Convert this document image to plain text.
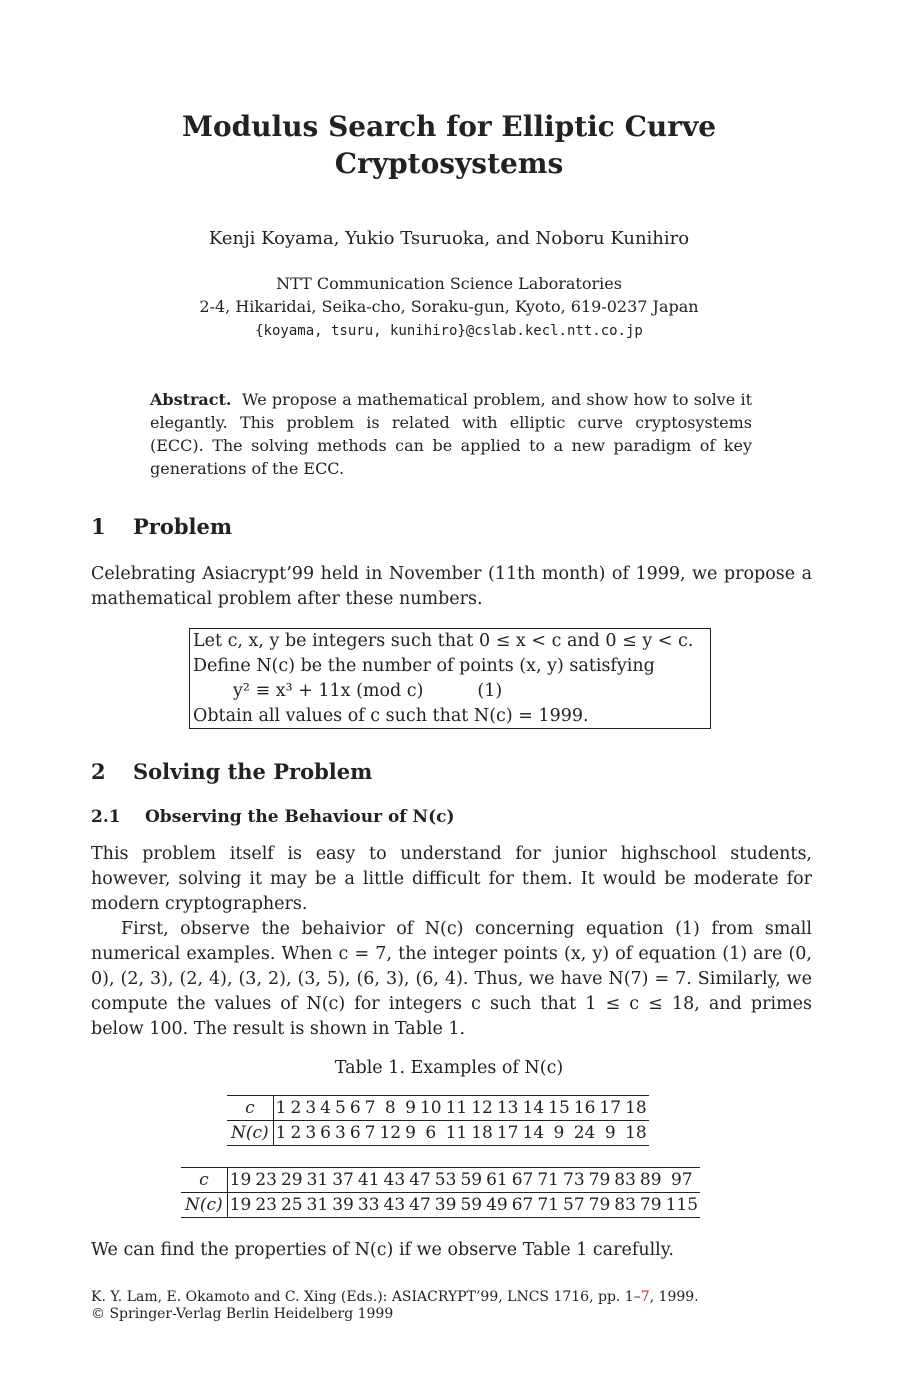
Modulus Search for Elliptic Curve
Cryptosystems
Kenji Koyama, Yukio Tsuruoka, and Noboru Kunihiro
NTT Communication Science Laboratories
2-4, Hikaridai, Seika-cho, Soraku-gun, Kyoto, 619-0237 Japan
{koyama, tsuru, kunihiro}@cslab.kecl.ntt.co.jp
Abstract. We propose a mathematical problem, and show how to solve it elegantly. This problem is related with elliptic curve cryptosystems (ECC). The solving methods can be applied to a new paradigm of key generations of the ECC.
1 Problem
Celebrating Asiacrypt’99 held in November (11th month) of 1999, we propose a mathematical problem after these numbers.
Let c, x, y be integers such that 0 ≤ x < c and 0 ≤ y < c.
Define N(c) be the number of points (x, y) satisfying
y² ≡ x³ + 11x (mod c)	(1)
Obtain all values of c such that N(c) = 1999.
2 Solving the Problem
2.1 Observing the Behaviour of N(c)
This problem itself is easy to understand for junior highschool students, however, solving it may be a little difficult for them. It would be moderate for modern cryptographers.
First, observe the behaivior of N(c) concerning equation (1) from small numerical examples. When c = 7, the integer points (x, y) of equation (1) are (0, 0), (2, 3), (2, 4), (3, 2), (3, 5), (6, 3), (6, 4). Thus, we have N(7) = 7. Similarly, we compute the values of N(c) for integers c such that 1 ≤ c ≤ 18, and primes below 100. The result is shown in Table 1.
Table 1. Examples of N(c)
c	1	2	3	4	5	6	7	8	9	10	11	12	13	14	15	16	17	18
N(c)	1	2	3	6	3	6	7	12	9	6	11	18	17	14	9	24	9	18
c	19	23	29	31	37	41	43	47	53	59	61	67	71	73	79	83	89	97
N(c)	19	23	25	31	39	33	43	47	39	59	49	67	71	57	79	83	79	115
We can find the properties of N(c) if we observe Table 1 carefully.
K. Y. Lam, E. Okamoto and C. Xing (Eds.): ASIACRYPT’99, LNCS 1716, pp. 1–7, 1999.
© Springer-Verlag Berlin Heidelberg 1999
